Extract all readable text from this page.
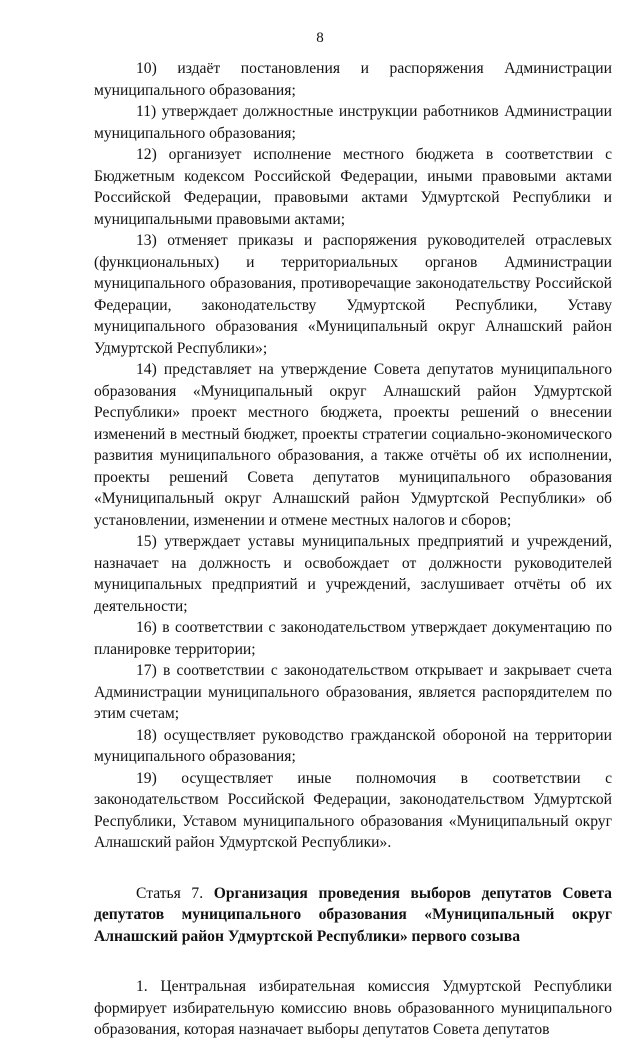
8

10) издаёт постановления и распоряжения Администрации муниципального образования;

11) утверждает должностные инструкции работников Администрации муниципального образования;

12) организует исполнение местного бюджета в соответствии с Бюджетным кодексом Российской Федерации, иными правовыми актами Российской Федерации, правовыми актами Удмуртской Республики и муниципальными правовыми актами;

13) отменяет приказы и распоряжения руководителей отраслевых (функциональных) и территориальных органов Администрации муниципального образования, противоречащие законодательству Российской Федерации, законодательству Удмуртской Республики, Уставу муниципального образования «Муниципальный округ Алнашский район Удмуртской Республики»;

14) представляет на утверждение Совета депутатов муниципального образования «Муниципальный округ Алнашский район Удмуртской Республики» проект местного бюджета, проекты решений о внесении изменений в местный бюджет, проекты стратегии социально-экономического развития муниципального образования, а также отчёты об их исполнении, проекты решений Совета депутатов муниципального образования «Муниципальный округ Алнашский район Удмуртской Республики» об установлении, изменении и отмене местных налогов и сборов;

15) утверждает уставы муниципальных предприятий и учреждений, назначает на должность и освобождает от должности руководителей муниципальных предприятий и учреждений, заслушивает отчёты об их деятельности;

16) в соответствии с законодательством утверждает документацию по планировке территории;

17) в соответствии с законодательством открывает и закрывает счета Администрации муниципального образования, является распорядителем по этим счетам;

18) осуществляет руководство гражданской обороной на территории муниципального образования;

19) осуществляет иные полномочия в соответствии с законодательством Российской Федерации, законодательством Удмуртской Республики, Уставом муниципального образования «Муниципальный округ Алнашский район Удмуртской Республики».

Статья 7. Организация проведения выборов депутатов Совета депутатов муниципального образования «Муниципальный округ Алнашский район Удмуртской Республики» первого созыва

1. Центральная избирательная комиссия Удмуртской Республики формирует избирательную комиссию вновь образованного муниципального образования, которая назначает выборы депутатов Совета депутатов
